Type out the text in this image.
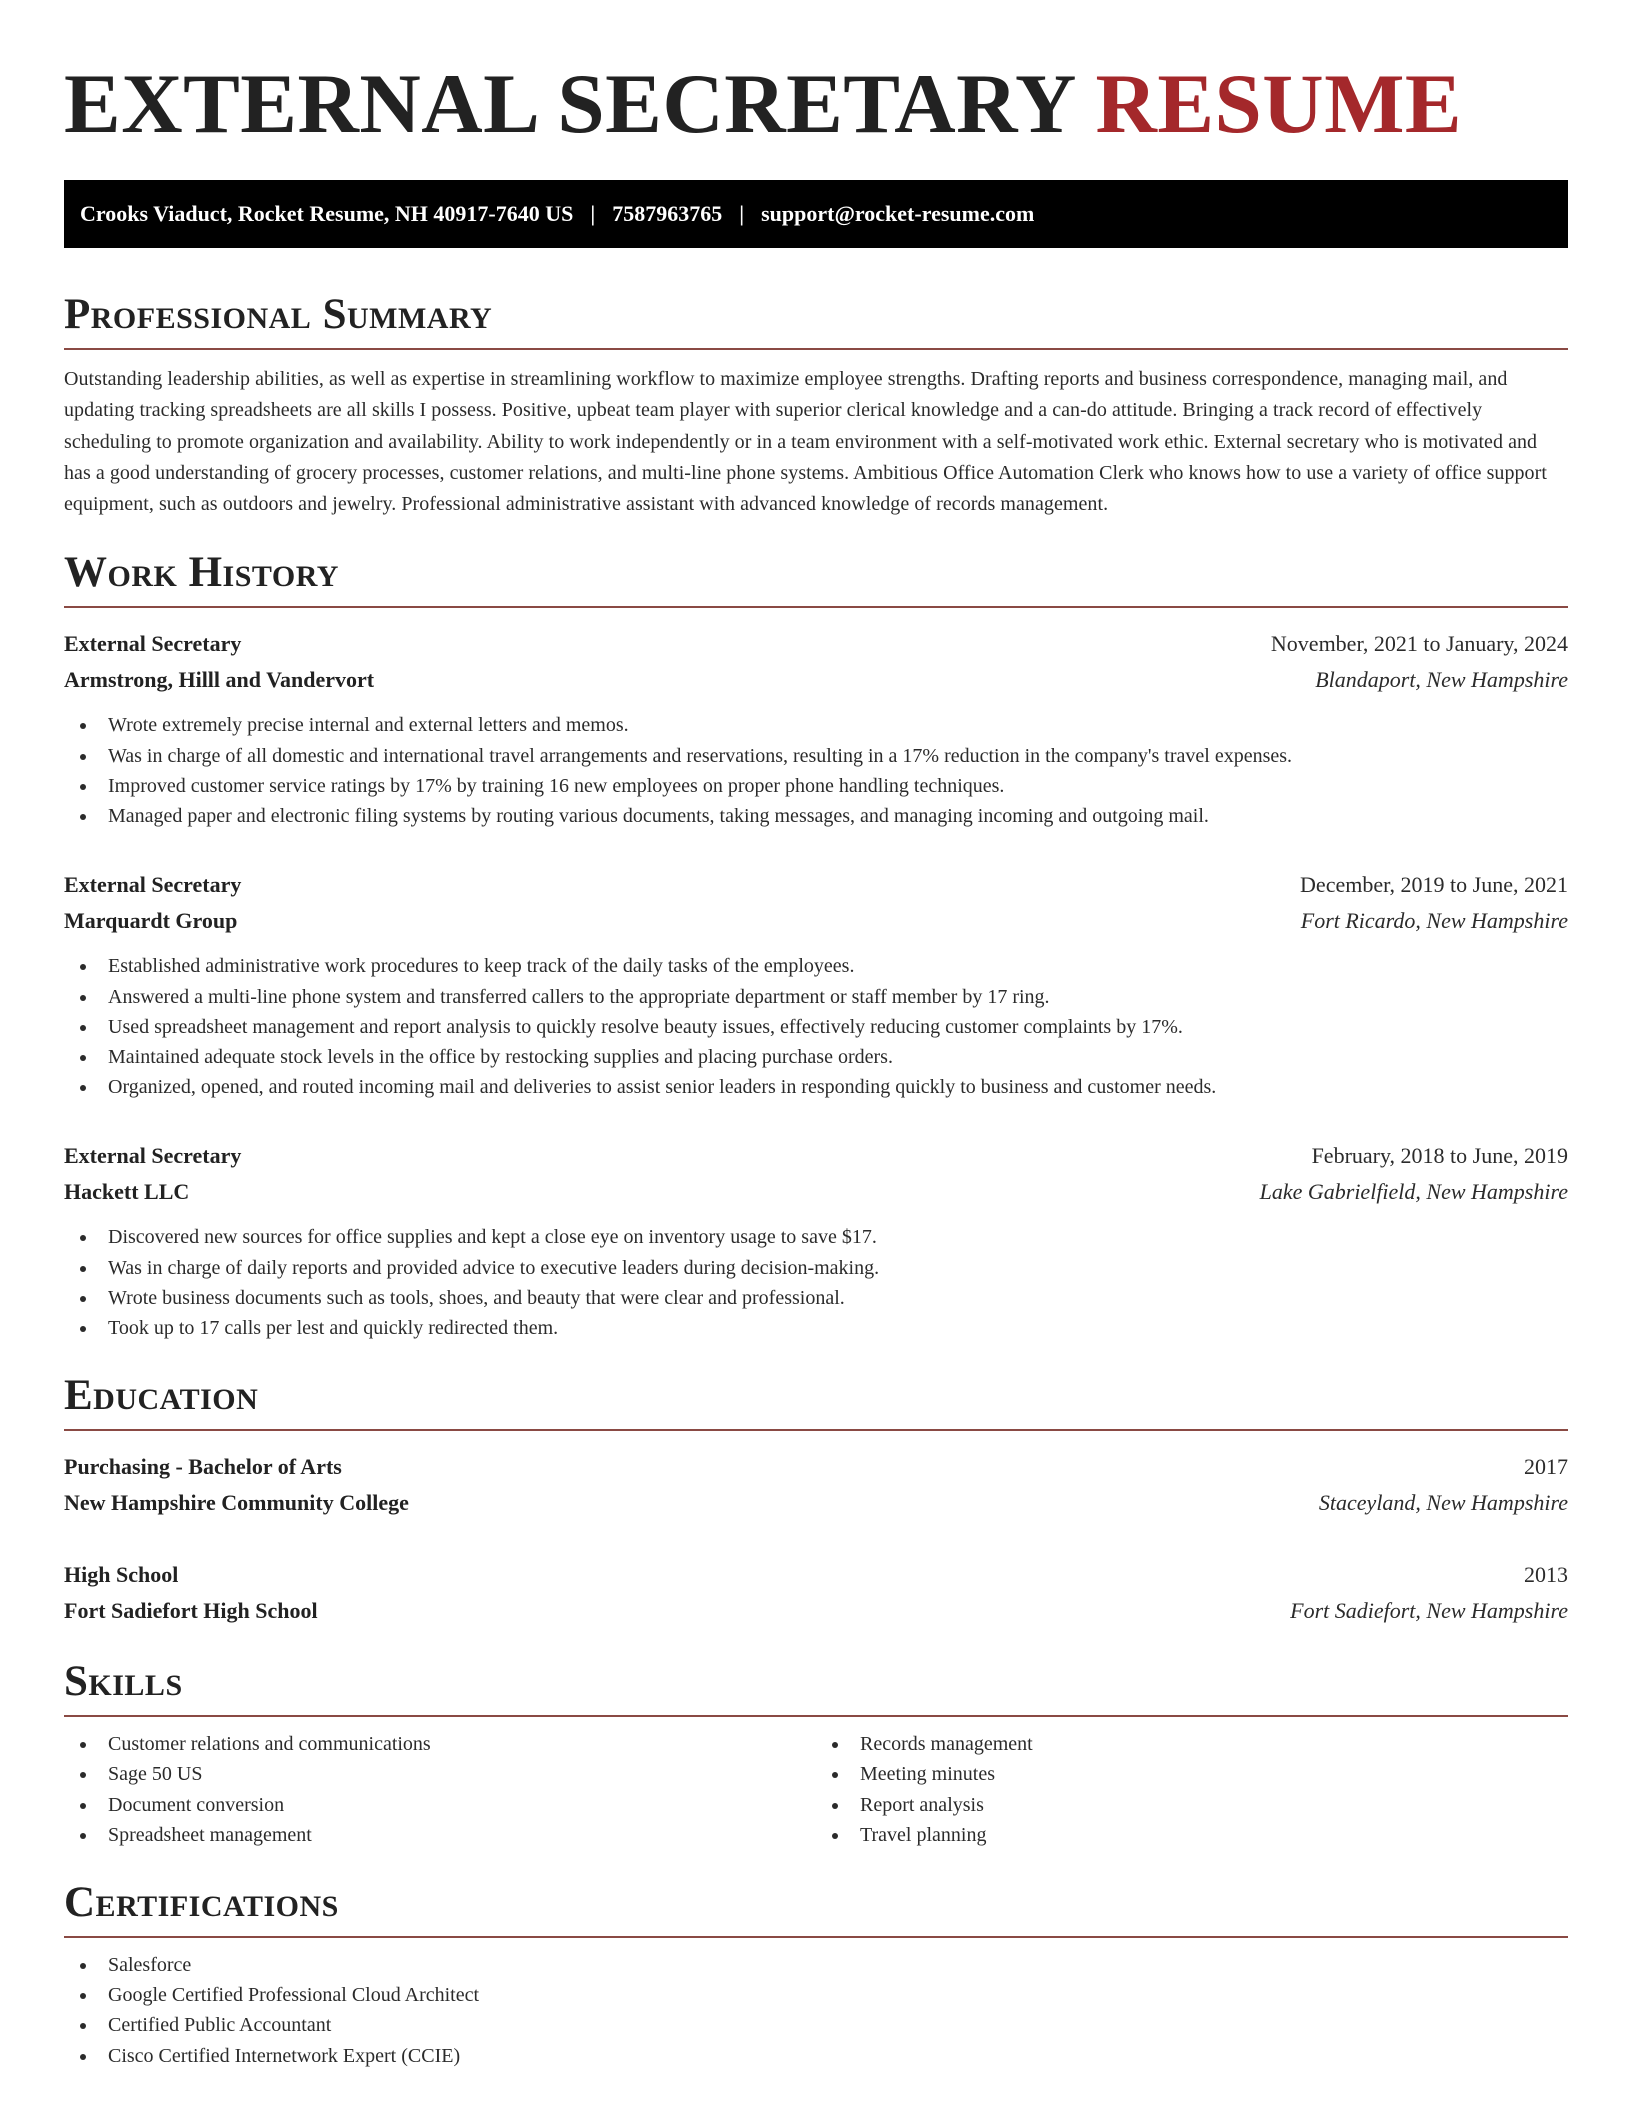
EXTERNAL SECRETARY RESUME
Crooks Viaduct, Rocket Resume, NH 40917-7640 US | 7587963765 | support@rocket-resume.com
Professional Summary

Outstanding leadership abilities, as well as expertise in streamlining workflow to maximize employee strengths. Drafting reports and business correspondence, managing mail, and updating tracking spreadsheets are all skills I possess. Positive, upbeat team player with superior clerical knowledge and a can-do attitude. Bringing a track record of effectively scheduling to promote organization and availability. Ability to work independently or in a team environment with a self-motivated work ethic. External secretary who is motivated and has a good understanding of grocery processes, customer relations, and multi-line phone systems. Ambitious Office Automation Clerk who knows how to use a variety of office support equipment, such as outdoors and jewelry. Professional administrative assistant with advanced knowledge of records management.

Work History
External Secretary	November, 2021 to January, 2024
Armstrong, Hilll and Vandervort	Blandaport, New Hampshire
Wrote extremely precise internal and external letters and memos.
Was in charge of all domestic and international travel arrangements and reservations, resulting in a 17% reduction in the company's travel expenses.
Improved customer service ratings by 17% by training 16 new employees on proper phone handling techniques.
Managed paper and electronic filing systems by routing various documents, taking messages, and managing incoming and outgoing mail.
External Secretary	December, 2019 to June, 2021
Marquardt Group	Fort Ricardo, New Hampshire
Established administrative work procedures to keep track of the daily tasks of the employees.
Answered a multi-line phone system and transferred callers to the appropriate department or staff member by 17 ring.
Used spreadsheet management and report analysis to quickly resolve beauty issues, effectively reducing customer complaints by 17%.
Maintained adequate stock levels in the office by restocking supplies and placing purchase orders.
Organized, opened, and routed incoming mail and deliveries to assist senior leaders in responding quickly to business and customer needs.
External Secretary	February, 2018 to June, 2019
Hackett LLC	Lake Gabrielfield, New Hampshire
Discovered new sources for office supplies and kept a close eye on inventory usage to save $17.
Was in charge of daily reports and provided advice to executive leaders during decision-making.
Wrote business documents such as tools, shoes, and beauty that were clear and professional.
Took up to 17 calls per lest and quickly redirected them.
Education
Purchasing - Bachelor of Arts	2017
New Hampshire Community College	Staceyland, New Hampshire
High School	2013
Fort Sadiefort High School	Fort Sadiefort, New Hampshire
Skills
Customer relations and communications
Sage 50 US
Document conversion
Spreadsheet management
Records management
Meeting minutes
Report analysis
Travel planning
Certifications
Salesforce
Google Certified Professional Cloud Architect
Certified Public Accountant
Cisco Certified Internetwork Expert (CCIE)
